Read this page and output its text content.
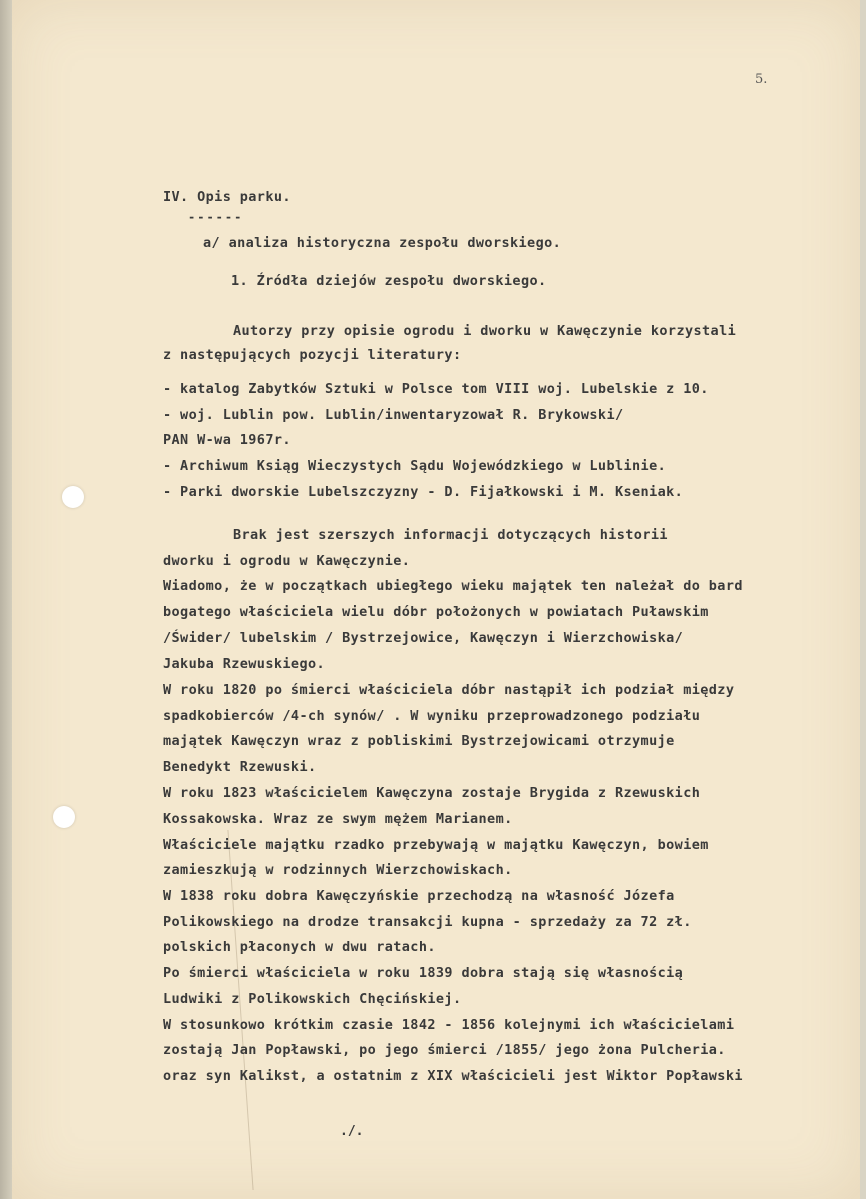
5.
IV. Opis parku.
------
a/ analiza historyczna zespołu dworskiego.
1. Źródła dziejów zespołu dworskiego.
Autorzy przy opisie ogrodu i dworku w Kawęczynie korzystali
z następujących pozycji literatury:
- katalog Zabytków Sztuki w Polsce tom VIII woj. Lubelskie z 10.
- woj. Lublin pow. Lublin/inwentaryzował R. Brykowski/
PAN W-wa 1967r.
- Archiwum Ksiąg Wieczystych Sądu Wojewódzkiego w Lublinie.
- Parki dworskie Lubelszczyzny - D. Fijałkowski i M. Kseniak.
Brak jest szerszych informacji dotyczących historii
dworku i ogrodu w Kawęczynie.
Wiadomo, że w początkach ubiegłego wieku majątek ten należał do bard
bogatego właściciela wielu dóbr położonych w powiatach Puławskim
/Świder/ lubelskim / Bystrzejowice, Kawęczyn i Wierzchowiska/
Jakuba Rzewuskiego.
W roku 1820 po śmierci właściciela dóbr nastąpił ich podział między
spadkobierców /4-ch synów/ . W wyniku przeprowadzonego podziału
majątek Kawęczyn wraz z pobliskimi Bystrzejowicami otrzymuje
Benedykt Rzewuski.
W roku 1823 właścicielem Kawęczyna zostaje Brygida z Rzewuskich
Kossakowska. Wraz ze swym mężem Marianem.
Właściciele majątku rzadko przebywają w majątku Kawęczyn, bowiem
zamieszkują w rodzinnych Wierzchowiskach.
W 1838 roku dobra Kawęczyńskie przechodzą na własność Józefa
Polikowskiego na drodze transakcji kupna - sprzedaży za 72 zł.
polskich płaconych w dwu ratach.
Po śmierci właściciela w roku 1839 dobra stają się własnością
Ludwiki z Polikowskich Chęcińskiej.
W stosunkowo krótkim czasie 1842 - 1856 kolejnymi ich właścicielami
zostają Jan Popławski, po jego śmierci /1855/ jego żona Pulcheria.
oraz syn Kalikst, a ostatnim z XIX właścicieli jest Wiktor Popławski
./.
